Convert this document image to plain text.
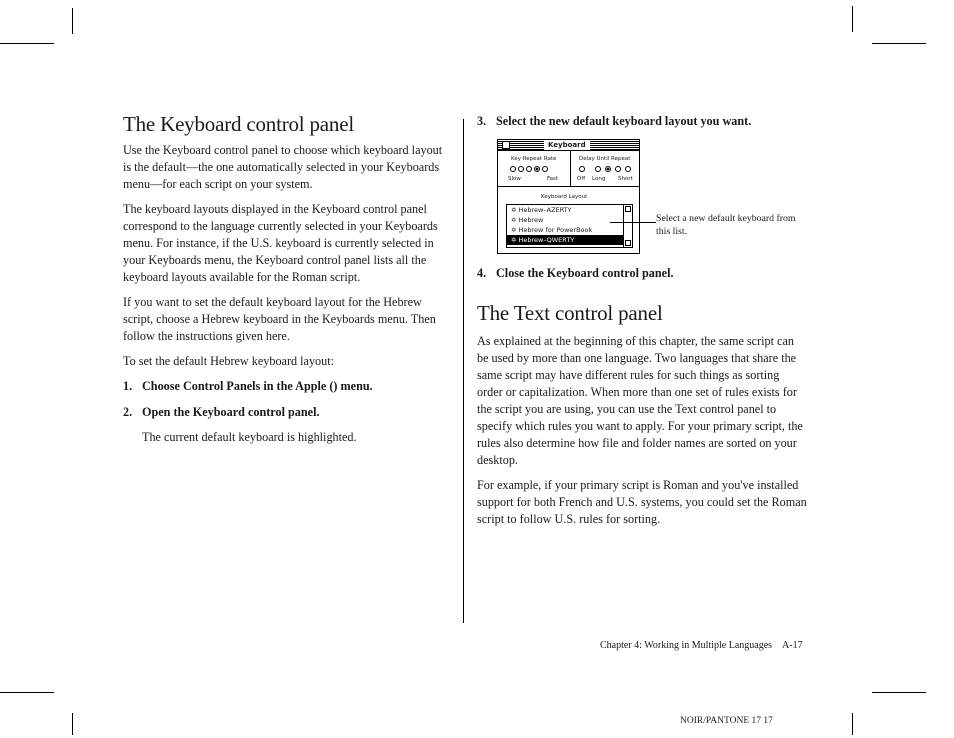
The Keyboard control panel

Use the Keyboard control panel to choose which keyboard layout is the default—the one automatically selected in your Keyboards menu—for each script on your system.

The keyboard layouts displayed in the Keyboard control panel correspond to the language currently selected in your Keyboards menu. For instance, if the U.S. keyboard is currently selected in your Keyboards menu, the Keyboard control panel lists all the keyboard layouts available for the Roman script.

If you want to set the default keyboard layout for the Hebrew script, choose a Hebrew keyboard in the Keyboards menu. Then follow the instructions given here.

To set the default Hebrew keyboard layout:

1. Choose Control Panels in the Apple () menu.

2. Open the Keyboard control panel.

The current default keyboard is highlighted.

3. Select the new default keyboard layout you want.
Keyboard
Key Repeat Rate
Slow	Fast
Delay Until Repeat
Off Long Short
Keyboard Layout
✡ Hebrew–AZERTY
✡ Hebrew
✡ Hebrew for PowerBook
✡ Hebrew–QWERTY
Select a new default keyboard from this list.
4. Close the Keyboard control panel.
The Text control panel

As explained at the beginning of this chapter, the same script can be used by more than one language. Two languages that share the same script may have different rules for such things as sorting order or capitalization. When more than one set of rules exists for the script you are using, you can use the Text control panel to specify which rules you want to apply. For your primary script, the rules also determine how file and folder names are sorted on your desktop.

For example, if your primary script is Roman and you've installed support for both French and U.S. systems, you could set the Roman script to follow U.S. rules for sorting.

Chapter 4: Working in Multiple Languages A-17
NOIR/PANTONE 17 17
